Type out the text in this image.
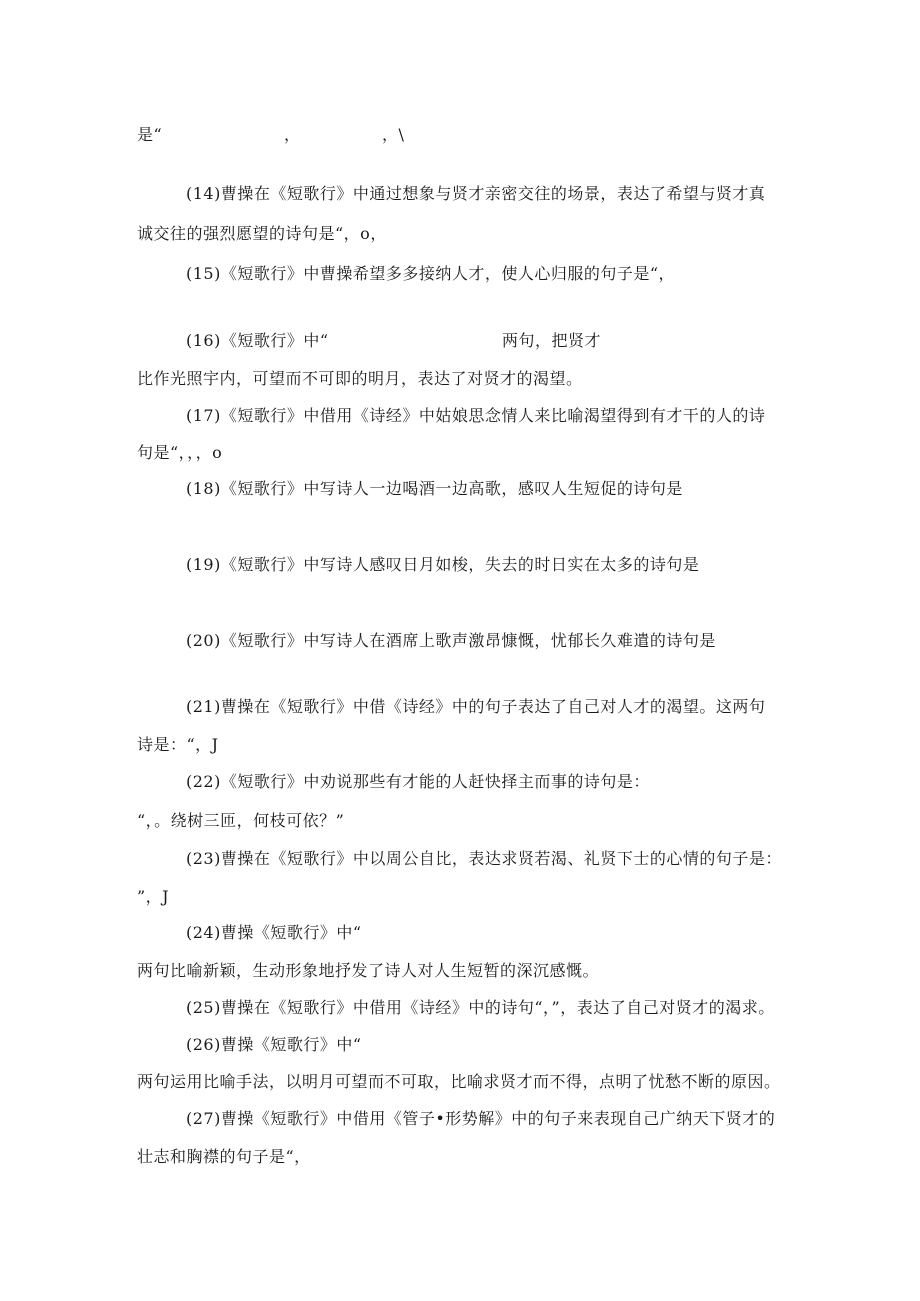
是“	，	，\
(14)曹操在《短歌行》中通过想象与贤才亲密交往的场景，表达了希望与贤才真
诚交往的强烈愿望的诗句是“，o，
(15)《短歌行》中曹操希望多多接纳人才，使人心归服的句子是“，
(16)《短歌行》中“	两句，把贤才
比作光照宇内，可望而不可即的明月，表达了对贤才的渴望。
(17)《短歌行》中借用《诗经》中姑娘思念情人来比喻渴望得到有才干的人的诗
句是“，，，o
(18)《短歌行》中写诗人一边喝酒一边高歌，感叹人生短促的诗句是
(19)《短歌行》中写诗人感叹日月如梭，失去的时日实在太多的诗句是
(20)《短歌行》中写诗人在酒席上歌声激昂慷慨，忧郁长久难遣的诗句是
(21)曹操在《短歌行》中借《诗经》中的句子表达了自己对人才的渴望。这两句
诗是：“，J
(22)《短歌行》中劝说那些有才能的人赶快择主而事的诗句是：
“，。绕树三匝，何枝可依？”
(23)曹操在《短歌行》中以周公自比，表达求贤若渴、礼贤下士的心情的句子是：
”，J
(24)曹操《短歌行》中“
两句比喻新颖，生动形象地抒发了诗人对人生短暂的深沉感慨。
(25)曹操在《短歌行》中借用《诗经》中的诗句“，”，表达了自己对贤才的渴求。
(26)曹操《短歌行》中“
两句运用比喻手法，以明月可望而不可取，比喻求贤才而不得，点明了忧愁不断的原因。
(27)曹操《短歌行》中借用《管子•形势解》中的句子来表现自己广纳天下贤才的
壮志和胸襟的句子是“，
